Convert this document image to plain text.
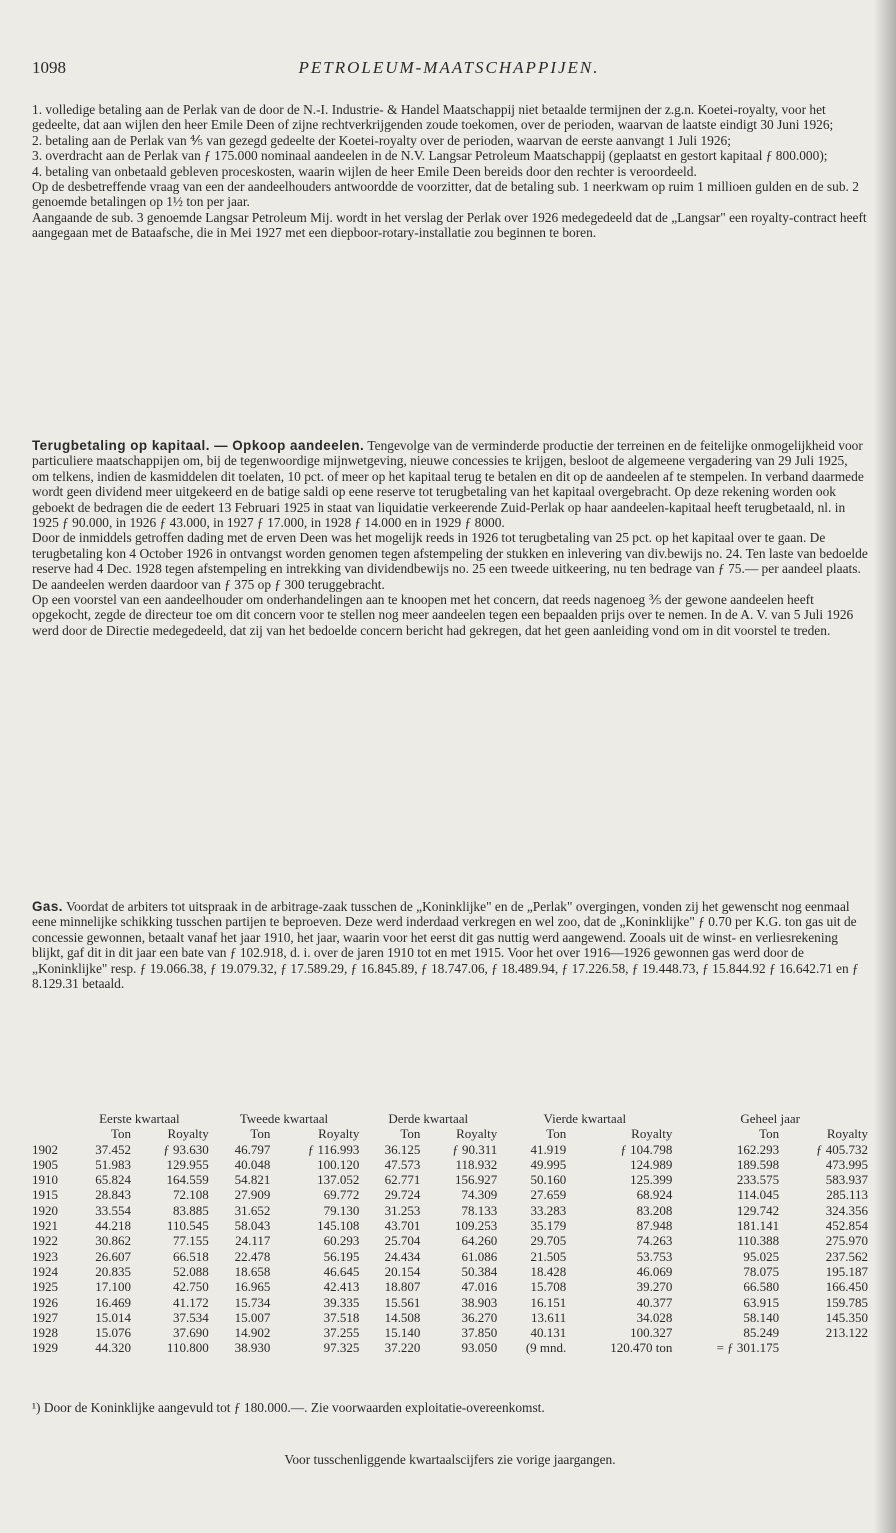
1098	PETROLEUM-MAATSCHAPPIJEN.

1. volledige betaling aan de Perlak van de door de N.-I. Industrie- & Handel Maatschappij niet betaalde termijnen der z.g.n. Koetei-royalty, voor het gedeelte, dat aan wijlen den heer Emile Deen of zijne rechtverkrijgenden zoude toekomen, over de perioden, waarvan de laatste eindigt 30 Juni 1926;

2. betaling aan de Perlak van ⅘ van gezegd gedeelte der Koetei-royalty over de perioden, waarvan de eerste aanvangt 1 Juli 1926;

3. overdracht aan de Perlak van ƒ 175.000 nominaal aandeelen in de N.V. Langsar Petroleum Maatschappij (geplaatst en gestort kapitaal ƒ 800.000);

4. betaling van onbetaald gebleven proceskosten, waarin wijlen de heer Emile Deen bereids door den rechter is veroordeeld.

Op de desbetreffende vraag van een der aandeelhouders antwoordde de voorzitter, dat de betaling sub. 1 neerkwam op ruim 1 millioen gulden en de sub. 2 genoemde betalingen op 1½ ton per jaar.

Aangaande de sub. 3 genoemde Langsar Petroleum Mij. wordt in het verslag der Perlak over 1926 medegedeeld dat de „Langsar" een royalty-contract heeft aangegaan met de Bataafsche, die in Mei 1927 met een diepboor-rotary-installatie zou beginnen te boren.

Terugbetaling op kapitaal. — Opkoop aandeelen. Tengevolge van de verminderde productie der terreinen en de feitelijke onmogelijkheid voor particuliere maatschappijen om, bij de tegenwoordige mijnwetgeving, nieuwe concessies te krijgen, besloot de algemeene vergadering van 29 Juli 1925, om telkens, indien de kasmiddelen dit toelaten, 10 pct. of meer op het kapitaal terug te betalen en dit op de aandeelen af te stempelen. In verband daarmede wordt geen dividend meer uitgekeerd en de batige saldi op eene reserve tot terugbetaling van het kapitaal overgebracht. Op deze rekening worden ook geboekt de bedragen die de eedert 13 Februari 1925 in staat van liquidatie verkeerende Zuid-Perlak op haar aandeelen-kapitaal heeft terugbetaald, nl. in 1925 ƒ 90.000, in 1926 ƒ 43.000, in 1927 ƒ 17.000, in 1928 ƒ 14.000 en in 1929 ƒ 8000.

Door de inmiddels getroffen dading met de erven Deen was het mogelijk reeds in 1926 tot terugbetaling van 25 pct. op het kapitaal over te gaan. De terugbetaling kon 4 October 1926 in ontvangst worden genomen tegen afstempeling der stukken en inlevering van div.bewijs no. 24. Ten laste van bedoelde reserve had 4 Dec. 1928 tegen afstempeling en intrekking van dividendbewijs no. 25 een tweede uitkeering, nu ten bedrage van ƒ 75.— per aandeel plaats. De aandeelen werden daardoor van ƒ 375 op ƒ 300 teruggebracht.

Op een voorstel van een aandeelhouder om onderhandelingen aan te knoopen met het concern, dat reeds nagenoeg ⅗ der gewone aandeelen heeft opgekocht, zegde de directeur toe om dit concern voor te stellen nog meer aandeelen tegen een bepaalden prijs over te nemen. In de A. V. van 5 Juli 1926 werd door de Directie medegedeeld, dat zij van het bedoelde concern bericht had gekregen, dat het geen aanleiding vond om in dit voorstel te treden.

Gas. Voordat de arbiters tot uitspraak in de arbitrage-zaak tusschen de „Koninklijke" en de „Perlak" overgingen, vonden zij het gewenscht nog eenmaal eene minnelijke schikking tusschen partijen te beproeven. Deze werd inderdaad verkregen en wel zoo, dat de „Koninklijke" ƒ 0.70 per K.G. ton gas uit de concessie gewonnen, betaalt vanaf het jaar 1910, het jaar, waarin voor het eerst dit gas nuttig werd aangewend. Zooals uit de winst- en verliesrekening blijkt, gaf dit in dit jaar een bate van ƒ 102.918, d. i. over de jaren 1910 tot en met 1915. Voor het over 1916—1926 gewonnen gas werd door de „Koninklijke" resp. ƒ 19.066.38, ƒ 19.079.32, ƒ 17.589.29, ƒ 16.845.89, ƒ 18.747.06, ƒ 18.489.94, ƒ 17.226.58, ƒ 19.448.73, ƒ 15.844.92 ƒ 16.642.71 en ƒ 8.129.31 betaald.

	Eerste kwartaal		Tweede kwartaal		Derde kwartaal		Vierde kwartaal		Geheel jaar	
	Ton	Royalty	Ton	Royalty	Ton	Royalty	Ton	Royalty	Ton	Royalty
1902	37.452	ƒ 93.630	46.797	ƒ 116.993	36.125	ƒ 90.311	41.919	ƒ 104.798	162.293	ƒ 405.732
1905	51.983	129.955	40.048	100.120	47.573	118.932	49.995	124.989	189.598	473.995
1910	65.824	164.559	54.821	137.052	62.771	156.927	50.160	125.399	233.575	583.937
1915	28.843	72.108	27.909	69.772	29.724	74.309	27.659	68.924	114.045	285.113
1920	33.554	83.885	31.652	79.130	31.253	78.133	33.283	83.208	129.742	324.356
1921	44.218	110.545	58.043	145.108	43.701	109.253	35.179	87.948	181.141	452.854
1922	30.862	77.155	24.117	60.293	25.704	64.260	29.705	74.263	110.388	275.970
1923	26.607	66.518	22.478	56.195	24.434	61.086	21.505	53.753	95.025	237.562
1924	20.835	52.088	18.658	46.645	20.154	50.384	18.428	46.069	78.075	195.187
1925	17.100	42.750	16.965	42.413	18.807	47.016	15.708	39.270	66.580	166.450
1926	16.469	41.172	15.734	39.335	15.561	38.903	16.151	40.377	63.915	159.785
1927	15.014	37.534	15.007	37.518	14.508	36.270	13.611	34.028	58.140	145.350
1928	15.076	37.690	14.902	37.255	15.140	37.850	40.131	100.327	85.249	213.122
1929	44.320	110.800	38.930	97.325	37.220	93.050	(9 mnd.	120.470 ton	= ƒ 301.175	
¹) Door de Koninklijke aangevuld tot ƒ 180.000.—. Zie voorwaarden exploitatie-overeenkomst.
Voor tusschenliggende kwartaalscijfers zie vorige jaargangen.
